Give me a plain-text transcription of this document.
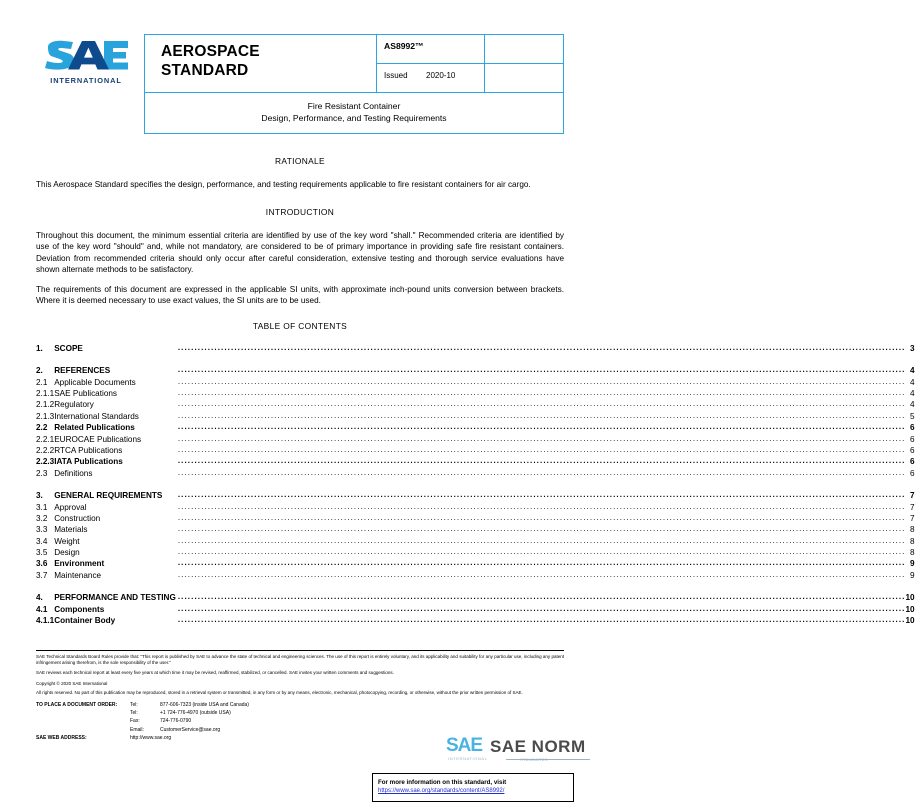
INTERNATIONAL
AEROSPACE
STANDARD
AS8992™
Issued	2020-10
Fire Resistant Container
Design, Performance, and Testing Requirements
RATIONALE

This Aerospace Standard specifies the design, performance, and testing requirements applicable to fire resistant containers for air cargo.

INTRODUCTION

Throughout this document, the minimum essential criteria are identified by use of the key word "shall." Recommended criteria are identified by use of the key word "should" and, while not mandatory, are considered to be of primary importance in providing safe fire resistant containers. Deviation from recommended criteria should only occur after careful consideration, extensive testing and thorough service evaluations have shown alternate methods to be satisfactory.

The requirements of this document are expressed in the applicable SI units, with approximate inch-pound units conversion between brackets. Where it is deemed necessary to use exact values, the SI units are to be used.

TABLE OF CONTENTS
1.	SCOPE	...........................................................................................................................................................................................................................	3

2.	REFERENCES	...........................................................................................................................................................................................................................	4
2.1	Applicable Documents	...........................................................................................................................................................................................................................	4
2.1.1	SAE Publications	...........................................................................................................................................................................................................................	4
2.1.2	Regulatory	...........................................................................................................................................................................................................................	4
2.1.3	International Standards	...........................................................................................................................................................................................................................	5
2.2	Related Publications	...........................................................................................................................................................................................................................	6
2.2.1	EUROCAE Publications	...........................................................................................................................................................................................................................	6
2.2.2	RTCA Publications	...........................................................................................................................................................................................................................	6
2.2.3	IATA Publications	...........................................................................................................................................................................................................................	6
2.3	Definitions	...........................................................................................................................................................................................................................	6

3.	GENERAL REQUIREMENTS	...........................................................................................................................................................................................................................	7
3.1	Approval	...........................................................................................................................................................................................................................	7
3.2	Construction	...........................................................................................................................................................................................................................	7
3.3	Materials	...........................................................................................................................................................................................................................	8
3.4	Weight	...........................................................................................................................................................................................................................	8
3.5	Design	...........................................................................................................................................................................................................................	8
3.6	Environment	...........................................................................................................................................................................................................................	9
3.7	Maintenance	...........................................................................................................................................................................................................................	9

4.	PERFORMANCE AND TESTING	...........................................................................................................................................................................................................................	10
4.1	Components	...........................................................................................................................................................................................................................	10
4.1.1	Container Body	...........................................................................................................................................................................................................................	10

SAE Technical Standards Board Rules provide that: "This report is published by SAE to advance the state of technical and engineering sciences. The use of this report is entirely voluntary, and its applicability and suitability for any particular use, including any patent infringement arising therefrom, is the sole responsibility of the user."

SAE reviews each technical report at least every five years at which time it may be revised, reaffirmed, stabilized, or cancelled. SAE invites your written comments and suggestions.

Copyright © 2020 SAE International

All rights reserved. No part of this publication may be reproduced, stored in a retrieval system or transmitted, in any form or by any means, electronic, mechanical, photocopying, recording, or otherwise, without the prior written permission of SAE.

TO PLACE A DOCUMENT ORDER:	Tel:	877-606-7323 (inside USA and Canada)
Tel:	+1 724-776-4970 (outside USA)
Fax:	724-776-0790
Email:	CustomerService@sae.org
SAE WEB ADDRESS:	http://www.sae.org
For more information on this standard, visit
https://www.sae.org/standards/content/AS8992/
SAE SAE NORM
INTERNATIONAL	STANDARDS
